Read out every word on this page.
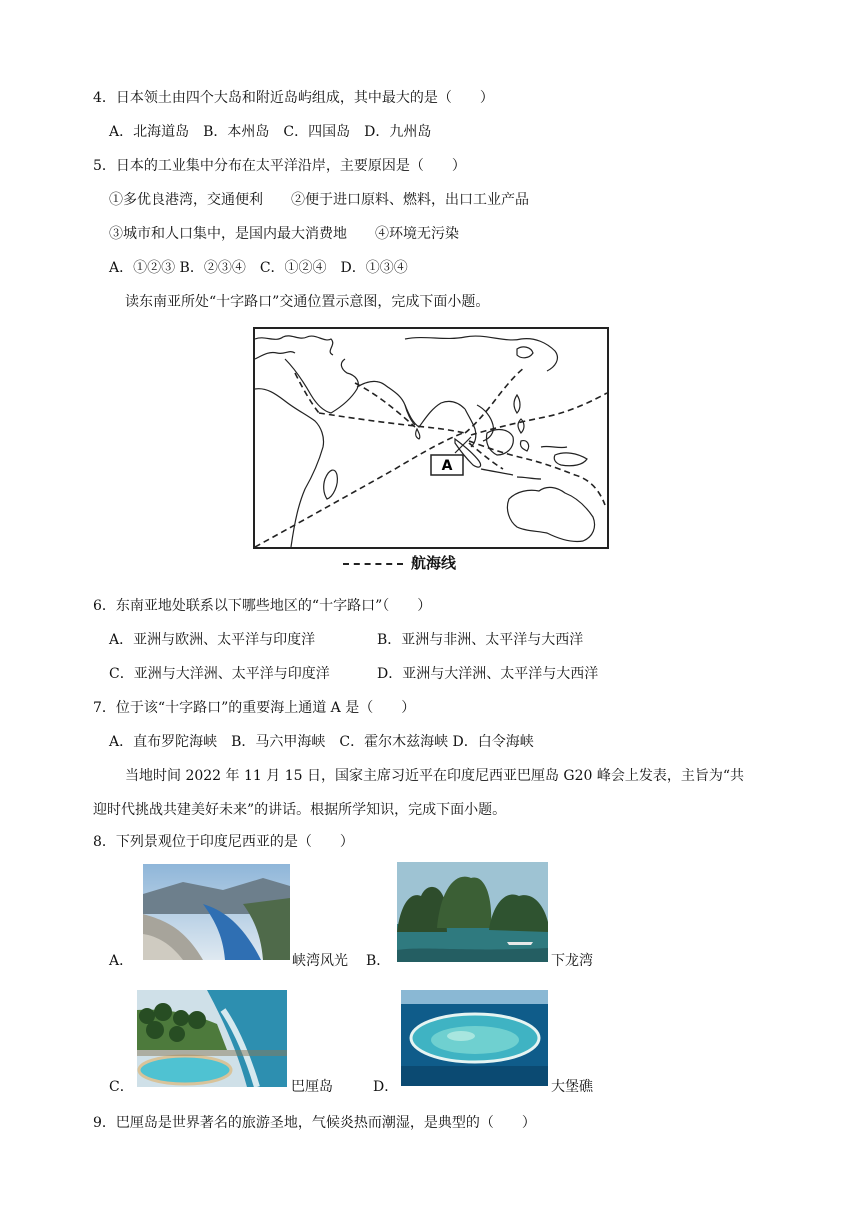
4．日本领土由四个大岛和附近岛屿组成，其中最大的是（　　）
A．北海道岛　B．本州岛　C．四国岛　D．九州岛
5．日本的工业集中分布在太平洋沿岸，主要原因是（　　）
①多优良港湾，交通便利　　②便于进口原料、燃料，出口工业产品
③城市和人口集中，是国内最大消费地　　④环境无污染
A．①②③ B．②③④　C．①②④　D．①③④
读东南亚所处“十字路口”交通位置示意图，完成下面小题。
A
航海线
6．东南亚地处联系以下哪些地区的“十字路口”（　　）
A．亚洲与欧洲、太平洋与印度洋	B．亚洲与非洲、太平洋与大西洋
C．亚洲与大洋洲、太平洋与印度洋	D．亚洲与大洋洲、太平洋与大西洋
7．位于该“十字路口”的重要海上通道 A 是（　　）
A．直布罗陀海峡　B．马六甲海峡　C．霍尔木兹海峡 D．白令海峡
当地时间 2022 年 11 月 15 日，国家主席习近平在印度尼西亚巴厘岛 G20 峰会上发表，主旨为“共
迎时代挑战共建美好未来”的讲话。根据所学知识，完成下面小题。
8．下列景观位于印度尼西亚的是（　　）
A．	峡湾风光 B．	下龙湾
C．	巴厘岛	D．	大堡礁
9．巴厘岛是世界著名的旅游圣地，气候炎热而潮湿，是典型的（　　）
